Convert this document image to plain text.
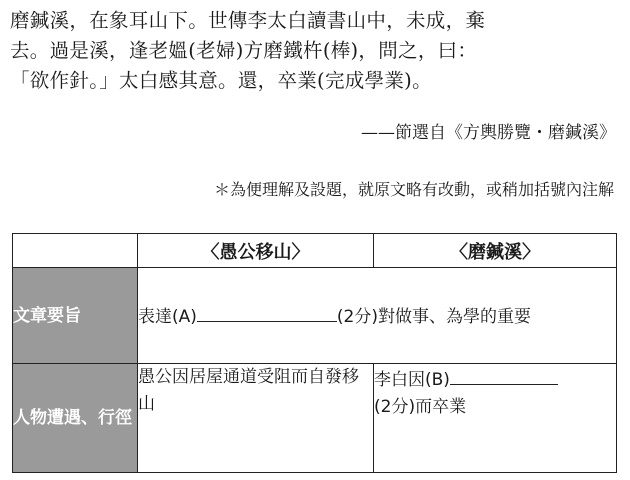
磨鍼溪，在象耳山下。世傳李太白讀書山中，未成，棄
去。過是溪，逢老媼(老婦)方磨鐵杵(棒)，問之，曰：
「欲作針。」太白感其意。還，卒業(完成學業)。
——節選自《方輿勝覽・磨鍼溪》
＊為便理解及設題，就原文略有改動，或稍加括號內注解
	〈愚公移山〉	〈磨鍼溪〉
文章要旨	表達(A) (2分)對做事、為學的重要	
人物遭遇、行徑	愚公因居屋通道受阻而自發移山	李白因(B)
(2分)而卒業
